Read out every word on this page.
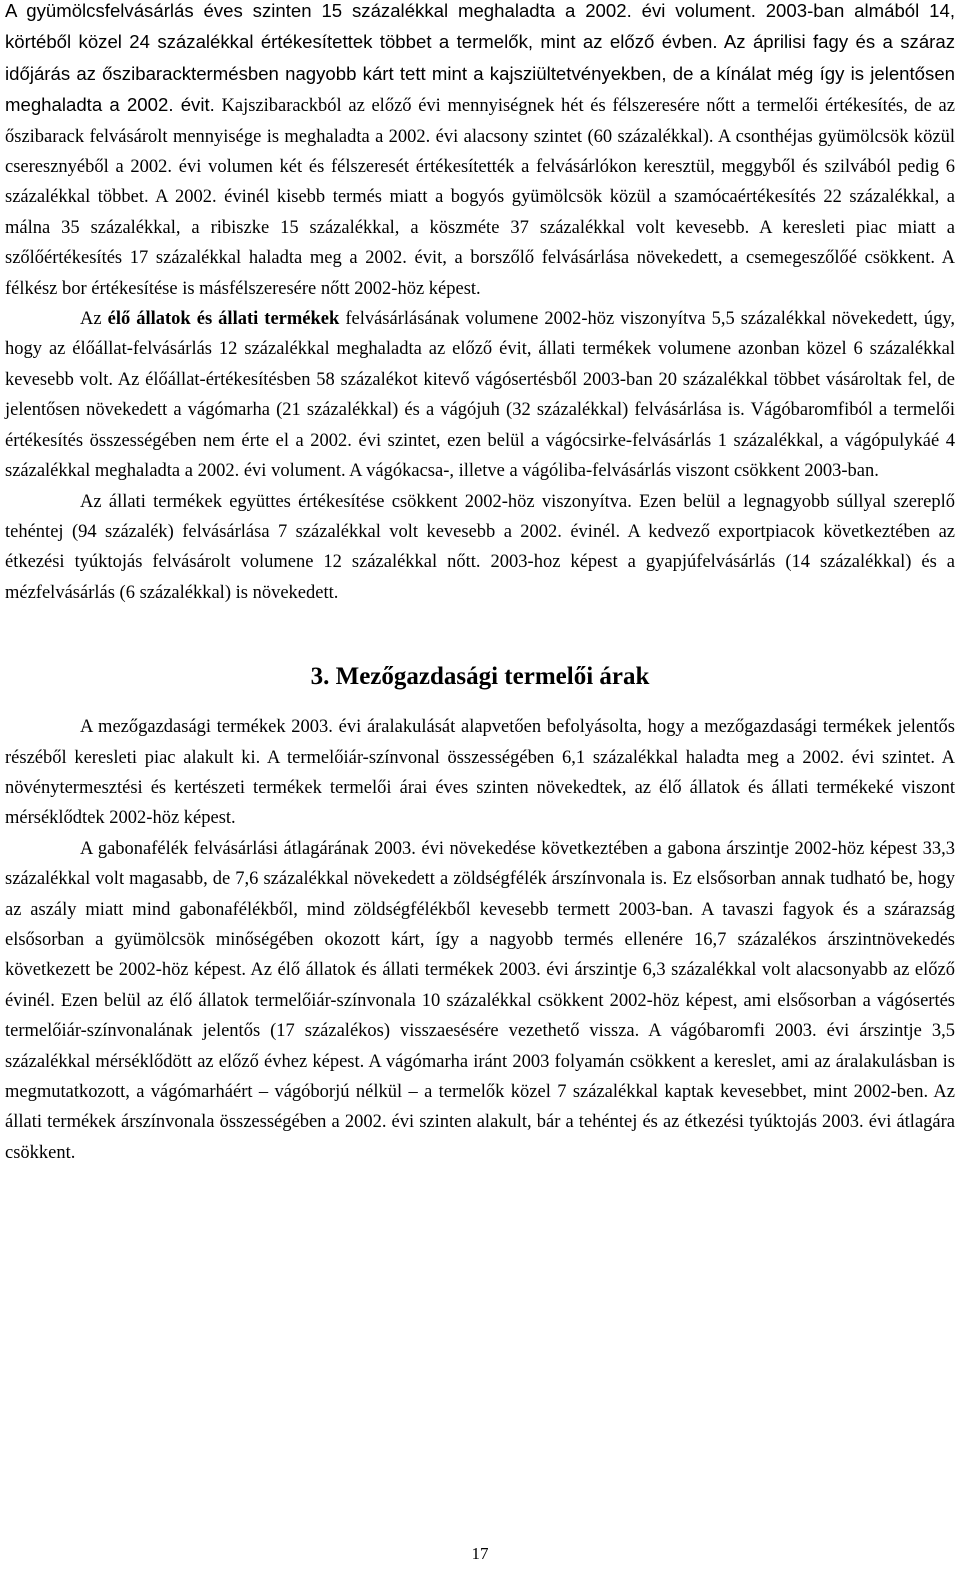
A gyümölcsfelvásárlás éves szinten 15 százalékkal meghaladta a 2002. évi volument. 2003-ban almából 14, körtéből közel 24 százalékkal értékesítettek többet a termelők, mint az előző évben. Az áprilisi fagy és a száraz időjárás az őszibaracktermésben nagyobb kárt tett mint a kajsziültetvényekben, de a kínálat még így is jelentősen meghaladta a 2002. évit. Kajszibarackból az előző évi mennyiségnek hét és félszeresére nőtt a termelői értékesítés, de az őszibarack felvásárolt mennyisége is meghaladta a 2002. évi alacsony szintet (60 százalékkal). A csonthéjas gyümölcsök közül cseresznyéből a 2002. évi volumen két és félszeresét értékesítették a felvásárlókon keresztül, meggyből és szilvából pedig 6 százalékkal többet. A 2002. évinél kisebb termés miatt a bogyós gyümölcsök közül a szamócaértékesítés 22 százalékkal, a málna 35 százalékkal, a ribiszke 15 százalékkal, a köszméte 37 százalékkal volt kevesebb. A keresleti piac miatt a szőlőértékesítés 17 százalékkal haladta meg a 2002. évit, a borszőlő felvásárlása növekedett, a csemegeszőlőé csökkent. A félkész bor értékesítése is másfélszeresére nőtt 2002-höz képest.

Az élő állatok és állati termékek felvásárlásának volumene 2002-höz viszonyítva 5,5 százalékkal növekedett, úgy, hogy az élőállat-felvásárlás 12 százalékkal meghaladta az előző évit, állati termékek volumene azonban közel 6 százalékkal kevesebb volt. Az élőállat-értékesítésben 58 százalékot kitevő vágósertésből 2003-ban 20 százalékkal többet vásároltak fel, de jelentősen növekedett a vágómarha (21 százalékkal) és a vágójuh (32 százalékkal) felvásárlása is. Vágóbaromfiból a termelői értékesítés összességében nem érte el a 2002. évi szintet, ezen belül a vágócsirke-felvásárlás 1 százalékkal, a vágópulykáé 4 százalékkal meghaladta a 2002. évi volument. A vágókacsa-, illetve a vágóliba-felvásárlás viszont csökkent 2003-ban.

Az állati termékek együttes értékesítése csökkent 2002-höz viszonyítva. Ezen belül a legnagyobb súllyal szereplő tehéntej (94 százalék) felvásárlása 7 százalékkal volt kevesebb a 2002. évinél. A kedvező exportpiacok következtében az étkezési tyúktojás felvásárolt volumene 12 százalékkal nőtt. 2003-hoz képest a gyapjúfelvásárlás (14 százalékkal) és a mézfelvásárlás (6 százalékkal) is növekedett.

3. Mezőgazdasági termelői árak

A mezőgazdasági termékek 2003. évi áralakulását alapvetően befolyásolta, hogy a mezőgazdasági termékek jelentős részéből keresleti piac alakult ki. A termelőiár-színvonal összességében 6,1 százalékkal haladta meg a 2002. évi szintet. A növénytermesztési és kertészeti termékek termelői árai éves szinten növekedtek, az élő állatok és állati termékeké viszont mérséklődtek 2002-höz képest.

A gabonafélék felvásárlási átlagárának 2003. évi növekedése következtében a gabona árszintje 2002-höz képest 33,3 százalékkal volt magasabb, de 7,6 százalékkal növekedett a zöldségfélék árszínvonala is. Ez elsősorban annak tudható be, hogy az aszály miatt mind gabonafélékből, mind zöldségfélékből kevesebb termett 2003-ban. A tavaszi fagyok és a szárazság elsősorban a gyümölcsök minőségében okozott kárt, így a nagyobb termés ellenére 16,7 százalékos árszintnövekedés következett be 2002-höz képest. Az élő állatok és állati termékek 2003. évi árszintje 6,3 százalékkal volt alacsonyabb az előző évinél. Ezen belül az élő állatok termelőiár-színvonala 10 százalékkal csökkent 2002-höz képest, ami elsősorban a vágósertés termelőiár-színvonalának jelentős (17 százalékos) visszaesésére vezethető vissza. A vágóbaromfi 2003. évi árszintje 3,5 százalékkal mérséklődött az előző évhez képest. A vágómarha iránt 2003 folyamán csökkent a kereslet, ami az áralakulásban is megmutatkozott, a vágómarháért – vágóborjú nélkül – a termelők közel 7 százalékkal kaptak kevesebbet, mint 2002-ben. Az állati termékek árszínvonala összességében a 2002. évi szinten alakult, bár a tehéntej és az étkezési tyúktojás 2003. évi átlagára csökkent.

17
